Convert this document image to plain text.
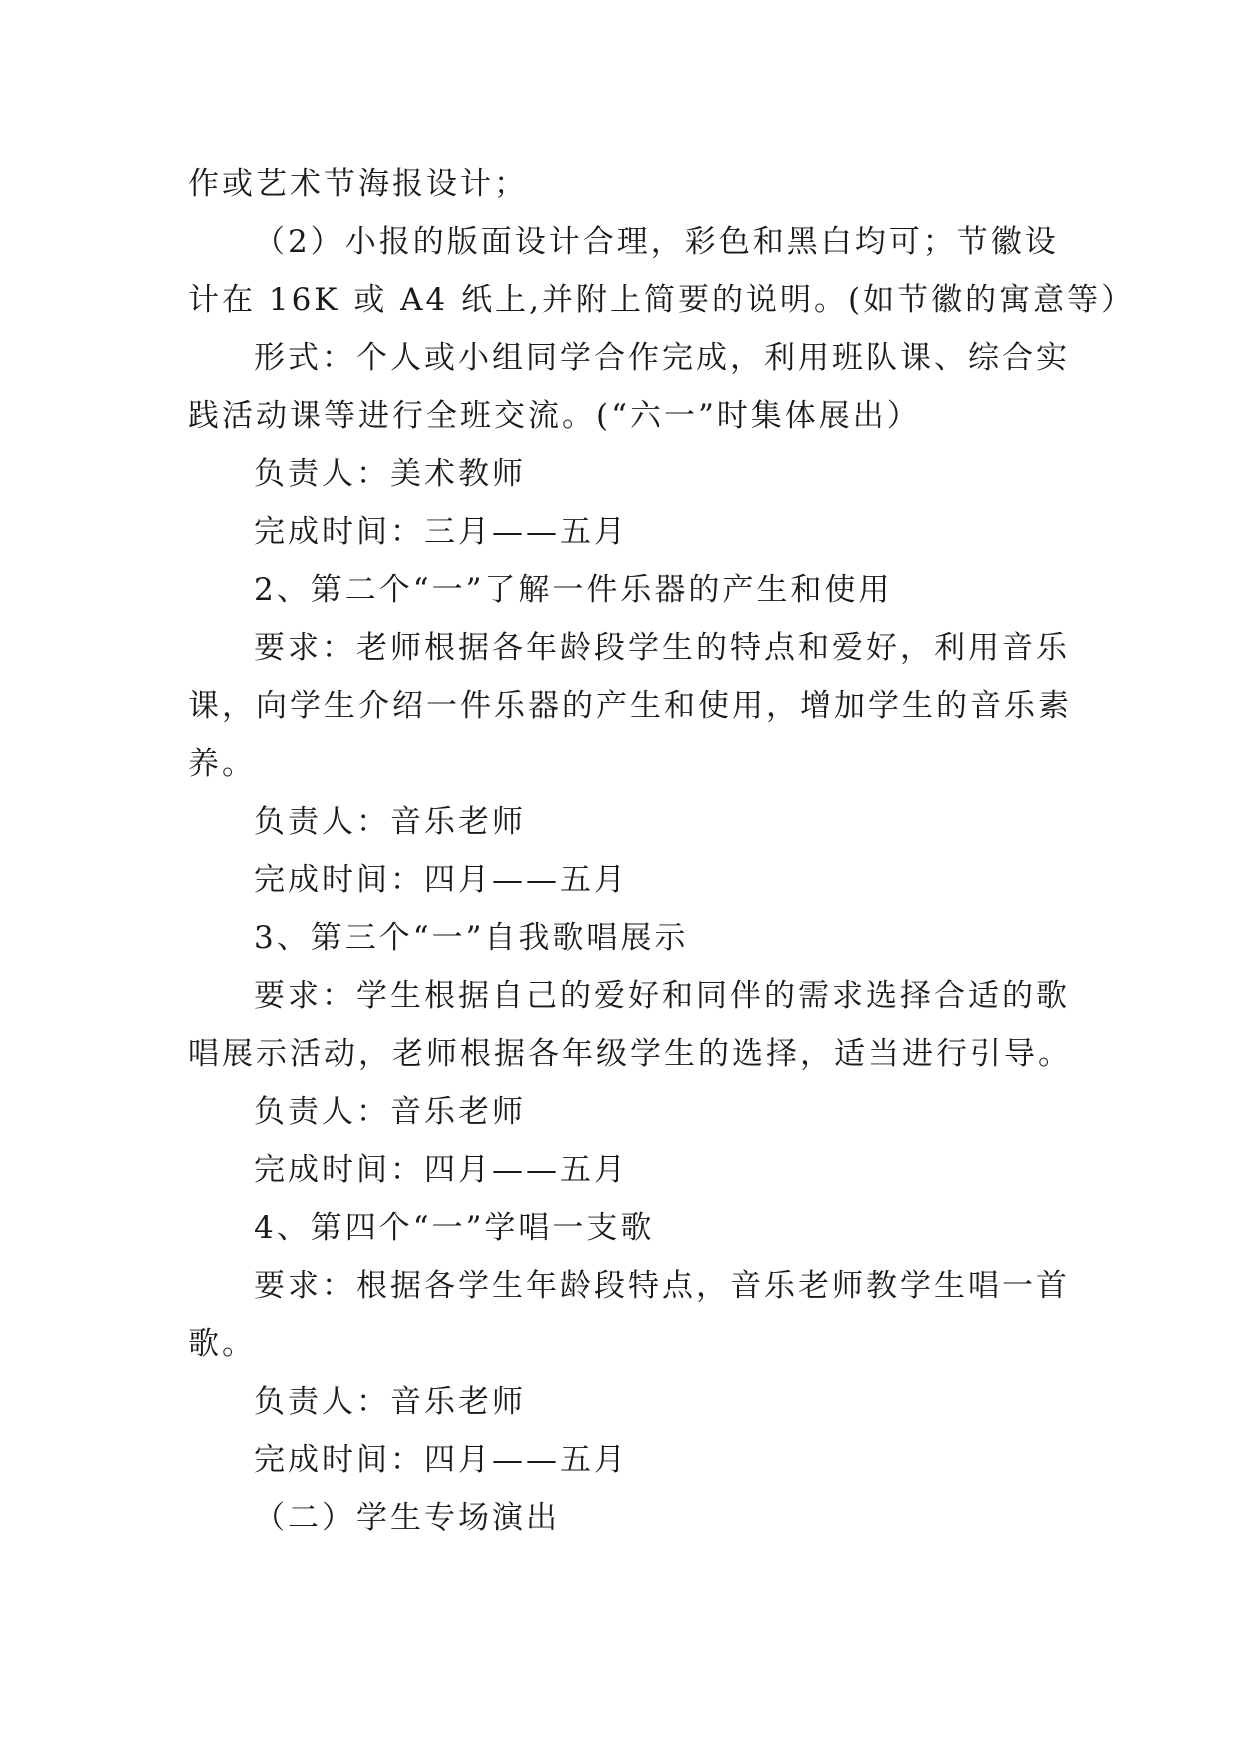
作或艺术节海报设计；
（2）小报的版面设计合理，彩色和黑白均可；节徽设
计在 16K 或 A4 纸上,并附上简要的说明。(如节徽的寓意等）
形式：个人或小组同学合作完成，利用班队课、综合实
践活动课等进行全班交流。(“六一”时集体展出）
负责人：美术教师
完成时间：三月——五月
2、第二个“一”了解一件乐器的产生和使用
要求：老师根据各年龄段学生的特点和爱好，利用音乐
课，向学生介绍一件乐器的产生和使用，增加学生的音乐素
养。
负责人：音乐老师
完成时间：四月——五月
3、第三个“一”自我歌唱展示
要求：学生根据自己的爱好和同伴的需求选择合适的歌
唱展示活动，老师根据各年级学生的选择，适当进行引导。
负责人：音乐老师
完成时间：四月——五月
4、第四个“一”学唱一支歌
要求：根据各学生年龄段特点，音乐老师教学生唱一首
歌。
负责人：音乐老师
完成时间：四月——五月
（二）学生专场演出
